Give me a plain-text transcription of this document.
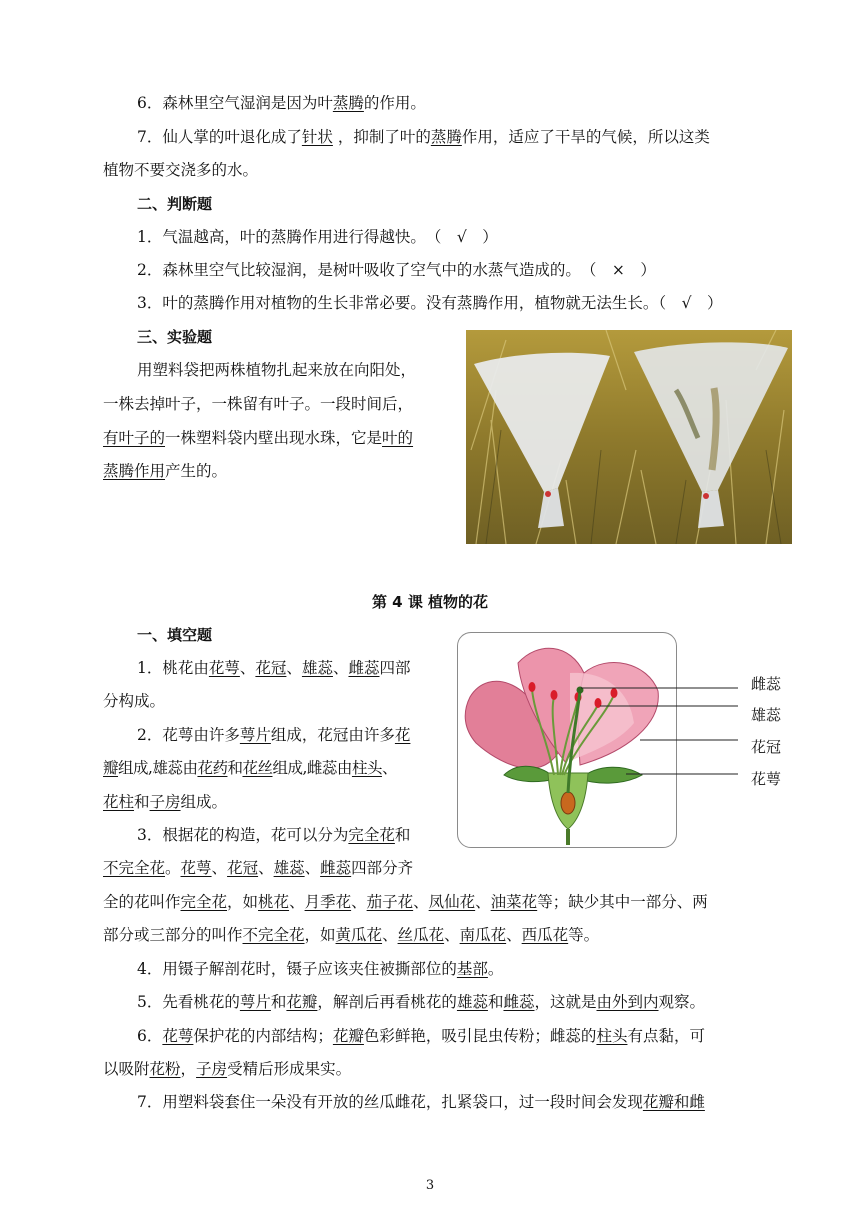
6．森林里空气湿润是因为叶蒸腾的作用。
7．仙人掌的叶退化成了针状 ，抑制了叶的蒸腾作用，适应了干旱的气候，所以这类
植物不要交浇多的水。
二、判断题
1．气温越高，叶的蒸腾作用进行得越快。　（　√　）
2．森林里空气比较湿润，是树叶吸收了空气中的水蒸气造成的。　（　×　）
3．叶的蒸腾作用对植物的生长非常必要。没有蒸腾作用，植物就无法生长。（　√　）
三、实验题
用塑料袋把两株植物扎起来放在向阳处，
一株去掉叶子，一株留有叶子。一段时间后，
有叶子的一株塑料袋内壁出现水珠，它是叶的
蒸腾作用产生的。
第 4 课 植物的花
一、填空题
1．桃花由花萼、花冠、雄蕊、雌蕊四部
分构成。
2．花萼由许多萼片组成，花冠由许多花
瓣组成,雄蕊由花药和花丝组成,雌蕊由柱头、
花柱和子房组成。
3．根据花的构造，花可以分为完全花和
不完全花。花萼、花冠、雄蕊、雌蕊四部分齐
全的花叫作完全花，如桃花、月季花、茄子花、凤仙花、油菜花等；缺少其中一部分、两
部分或三部分的叫作不完全花，如黄瓜花、丝瓜花、南瓜花、西瓜花等。
4．用镊子解剖花时，镊子应该夹住被撕部位的基部。
5．先看桃花的萼片和花瓣，解剖后再看桃花的雄蕊和雌蕊，这就是由外到内观察。
6．花萼保护花的内部结构；花瓣色彩鲜艳，吸引昆虫传粉；雌蕊的柱头有点黏，可
以吸附花粉，子房受精后形成果实。
7．用塑料袋套住一朵没有开放的丝瓜雌花，扎紧袋口，过一段时间会发现花瓣和雌
雌蕊
雄蕊
花冠
花萼
3
